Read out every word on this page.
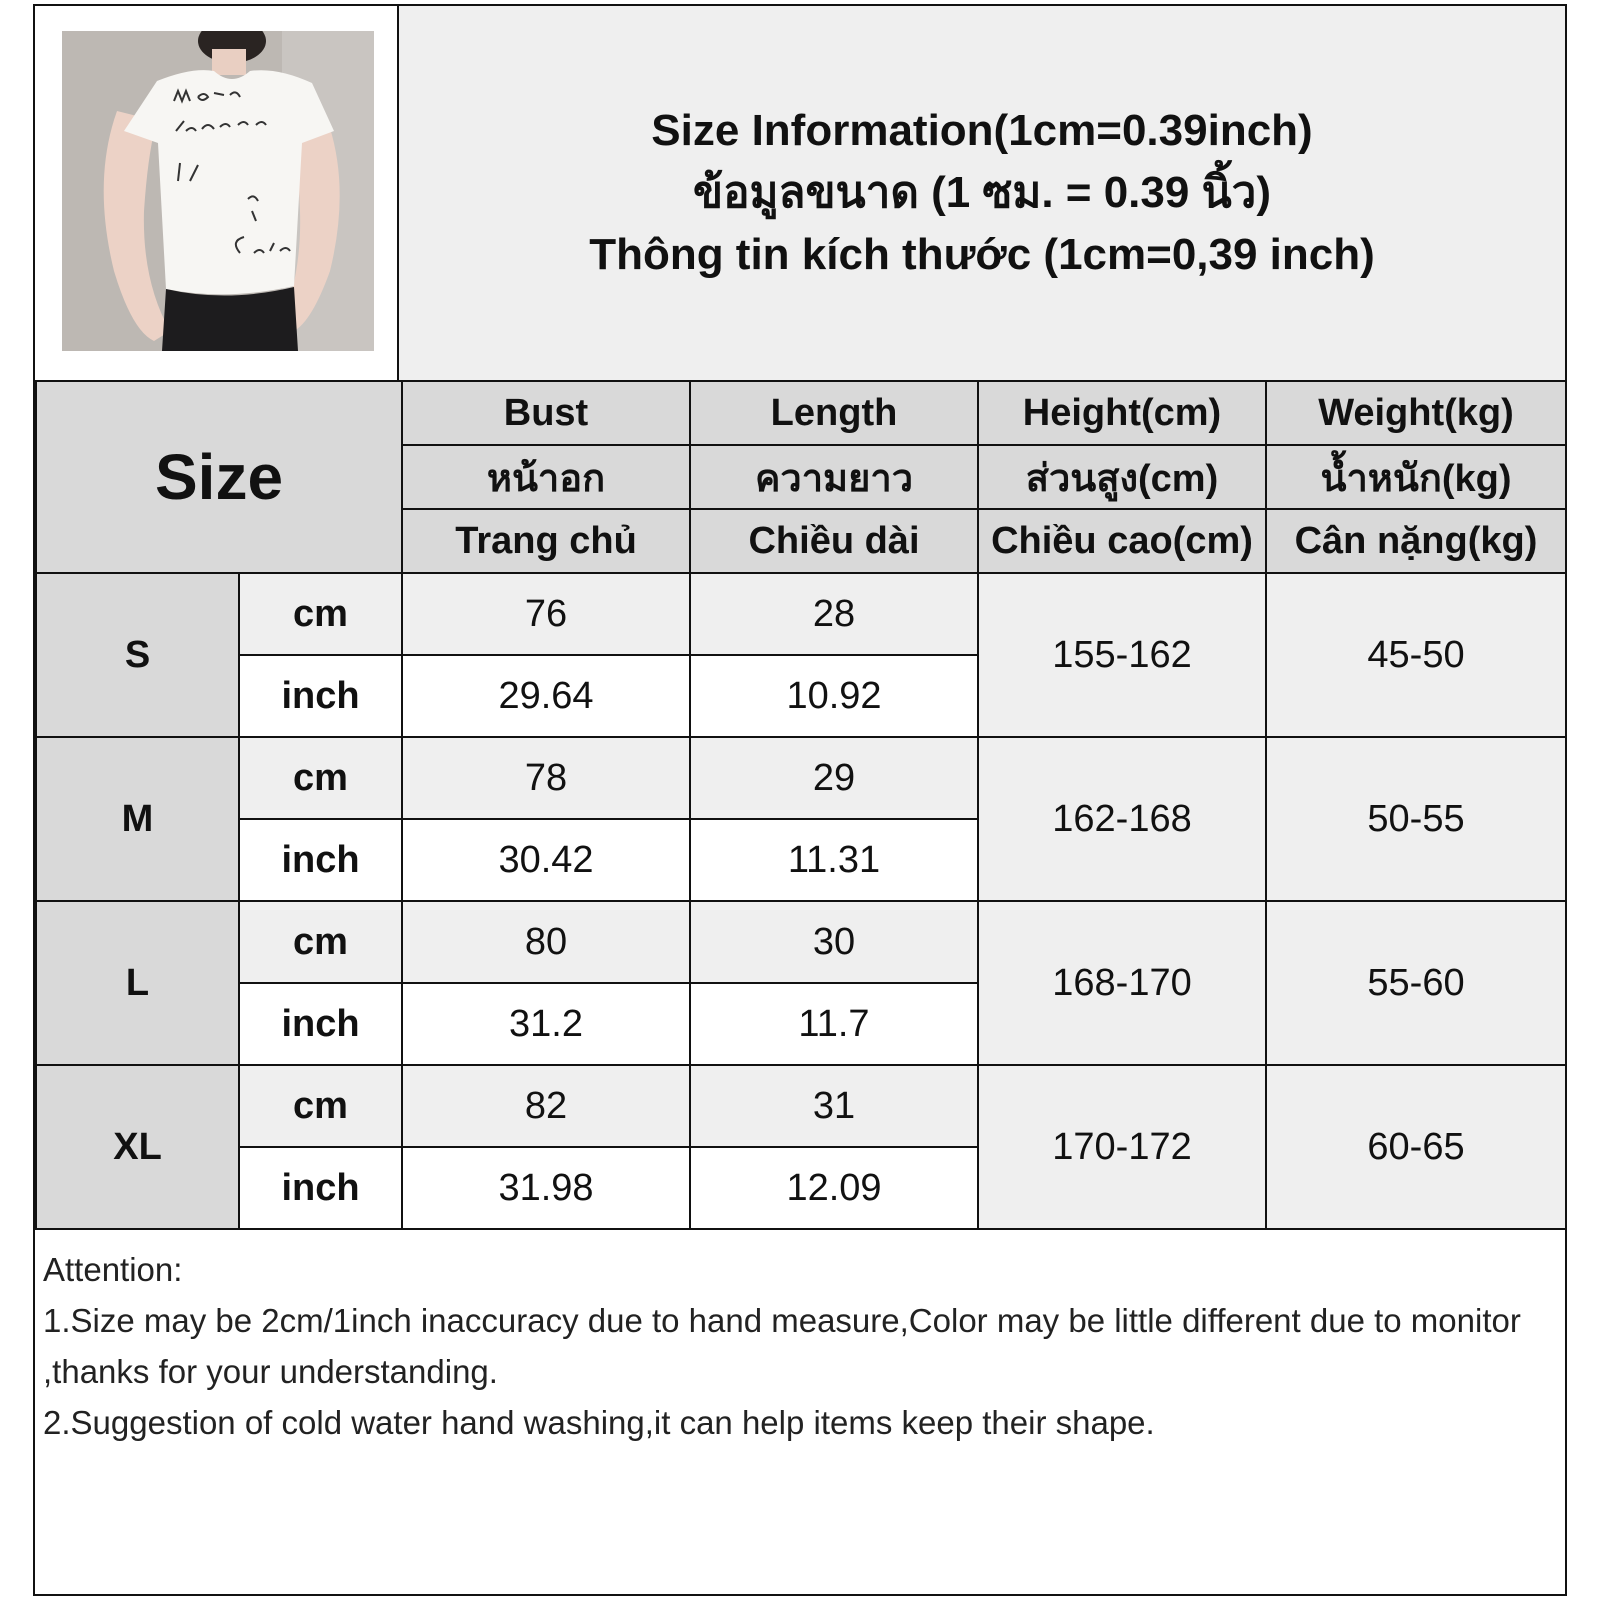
Size Information(1cm=0.39inch)
ข้อมูลขนาด (1 ซม. = 0.39 นิ้ว)
Thông tin kích thước (1cm=0,39 inch)
Size		Bust	Length	Height(cm)	Weight(kg)
		หน้าอก	ความยาว	ส่วนสูง(cm)	น้ำหนัก(kg)
		Trang chủ	Chiều dài	Chiều cao(cm)	Cân nặng(kg)
S	cm	76	28	155-162	45-50
	inch	29.64	10.92		
M	cm	78	29	162-168	50-55
	inch	30.42	11.31		
L	cm	80	30	168-170	55-60
	inch	31.2	11.7		
XL	cm	82	31	170-172	60-65
	inch	31.98	12.09		
Attention:
1.Size may be 2cm/1inch inaccuracy due to hand measure,Color may be little different due to monitor ,thanks for your understanding.
2.Suggestion of cold water hand washing,it can help items keep their shape.
